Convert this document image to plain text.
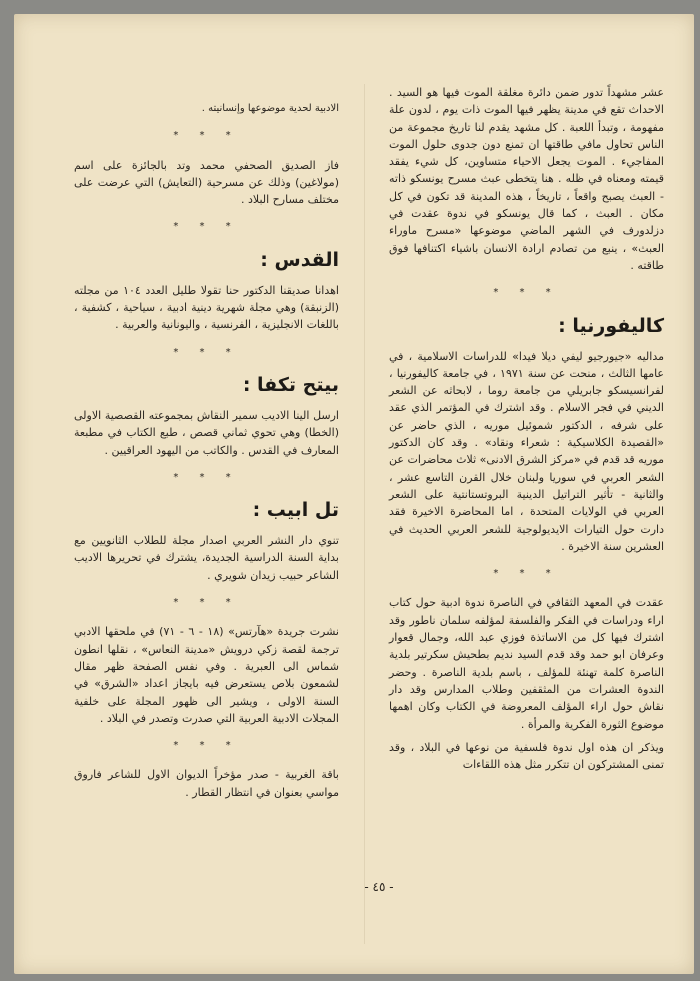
عشر مشهداً تدور ضمن دائرة مغلقة الموت فيها هو السيد . الاحداث تقع في مدينة يظهر فيها الموت ذات يوم ، لدون علة مفهومة ، وتبدأ اللعبة . كل مشهد يقدم لنا تاريخ مجموعة من الناس تحاول مافي طاقتها ان تمنع دون جدوى حلول الموت المفاجيء . الموت يجعل الاحياء متساوين، كل شيء يفقد قيمته ومعناه في ظله . هنا يتخطى عبث مسرح يونسكو ذاته - العبث يصبح واقعاً ، تاريخاً ، هذه المدينة قد تكون في كل مكان . العبث ، كما قال يونسكو في ندوة عقدت في دزلدورف في الشهر الماضي موضوعها «مسرح ماوراء العبث» ، ينبع من تصادم ارادة الانسان باشياء اكتنافها فوق طاقته .

* * *
كاليفورنيا :

مداليه «جيورجيو ليفي ديلا فيدا» للدراسات الاسلامية ، في عامها الثالث ، منحت عن سنة ١٩٧١ ، في جامعة كاليفورنيا ، لفرانسيسكو جابريلي من جامعة روما ، لابحاثه عن الشعر الديني في فجر الاسلام . وقد اشترك في المؤتمر الذي عقد على شرفه ، الدكتور شموئيل موريه ، الذي حاضر عن «القصيدة الكلاسيكية : شعراء ونقاد» . وقد كان الدكتور موريه قد قدم في «مركز الشرق الادنى» ثلاث محاضرات عن الشعر العربي في سوريا ولبنان خلال القرن التاسع عشر ، والثانية - تأثير التراتيل الدينية البروتستانتية على الشعر العربي في الولايات المتحدة ، اما المحاضرة الاخيرة فقد دارت حول التيارات الايديولوجية للشعر العربي الحديث في العشرين سنة الاخيرة .

* * *

عقدت في المعهد الثقافي في الناصرة ندوة ادبية حول كتاب اراء ودراسات في الفكر والفلسفة لمؤلفه سلمان ناطور وقد اشترك فيها كل من الاساتذة فوزي عبد الله، وجمال قعوار وعرفان ابو حمد وقد قدم السيد نديم بطحيش سكرتير بلدية الناصرة كلمة تهنئة للمؤلف ، باسم بلدية الناصرة . وحضر الندوة العشرات من المثقفين وطلاب المدارس وقد دار نقاش حول اراء المؤلف المعروضة في الكتاب وكان اهمها موضوع الثورة الفكرية والمرأة .

ويذكر ان هذه اول ندوة فلسفية من نوعها في البلاد ، وقد تمنى المشتركون ان تتكرر مثل هذه اللقاءات

الادبية لحدية موضوعها وإنسانيته .

* * *

فاز الصديق الصحفي محمد وتد بالجائزة على اسم (مولاغين) وذلك عن مسرحية (التعايش) التي عرضت على مختلف مسارح البلاد .

* * *
القدس :

اهدانا صديقنا الدكتور حنا تقولا طليل العدد ١٠٤ من مجلته (الزنبقة) وهي مجلة شهرية دينية ادبية ، سياحية ، كشفية ، باللغات الانجليزية ، الفرنسية ، واليونانية والعربية .

* * *
بيتح تكفا :

ارسل الينا الاديب سمير النقاش بمجموعته القصصية الاولى (الخطا) وهي تحوي ثماني قصص ، طبع الكتاب في مطبعة المعارف في القدس . والكاتب من اليهود العراقيين .

* * *
تل ابيب :

تنوي دار النشر العربي اصدار مجلة للطلاب الثانويين مع بداية السنة الدراسية الجديدة، يشترك في تحريرها الاديب الشاعر حبيب زيدان شويري .

* * *

نشرت جريدة «هآرتس» (١٨ - ٦ - ٧١) في ملحقها الادبي ترجمة لقصة زكي درويش «مدينة النعاس» ، نقلها انطون شماس الى العبرية . وفي نفس الصفحة ظهر مقال لشمعون بلاص يستعرض فيه بايجاز اعداد «الشرق» في السنة الاولى ، ويشير الى ظهور المجلة على خلفية المجلات الادبية العربية التي صدرت وتصدر في البلاد .

* * *

باقة الغربية - صدر مؤخراً الديوان الاول للشاعر فاروق مواسي بعنوان في انتظار القطار .

- ٤٥ -
